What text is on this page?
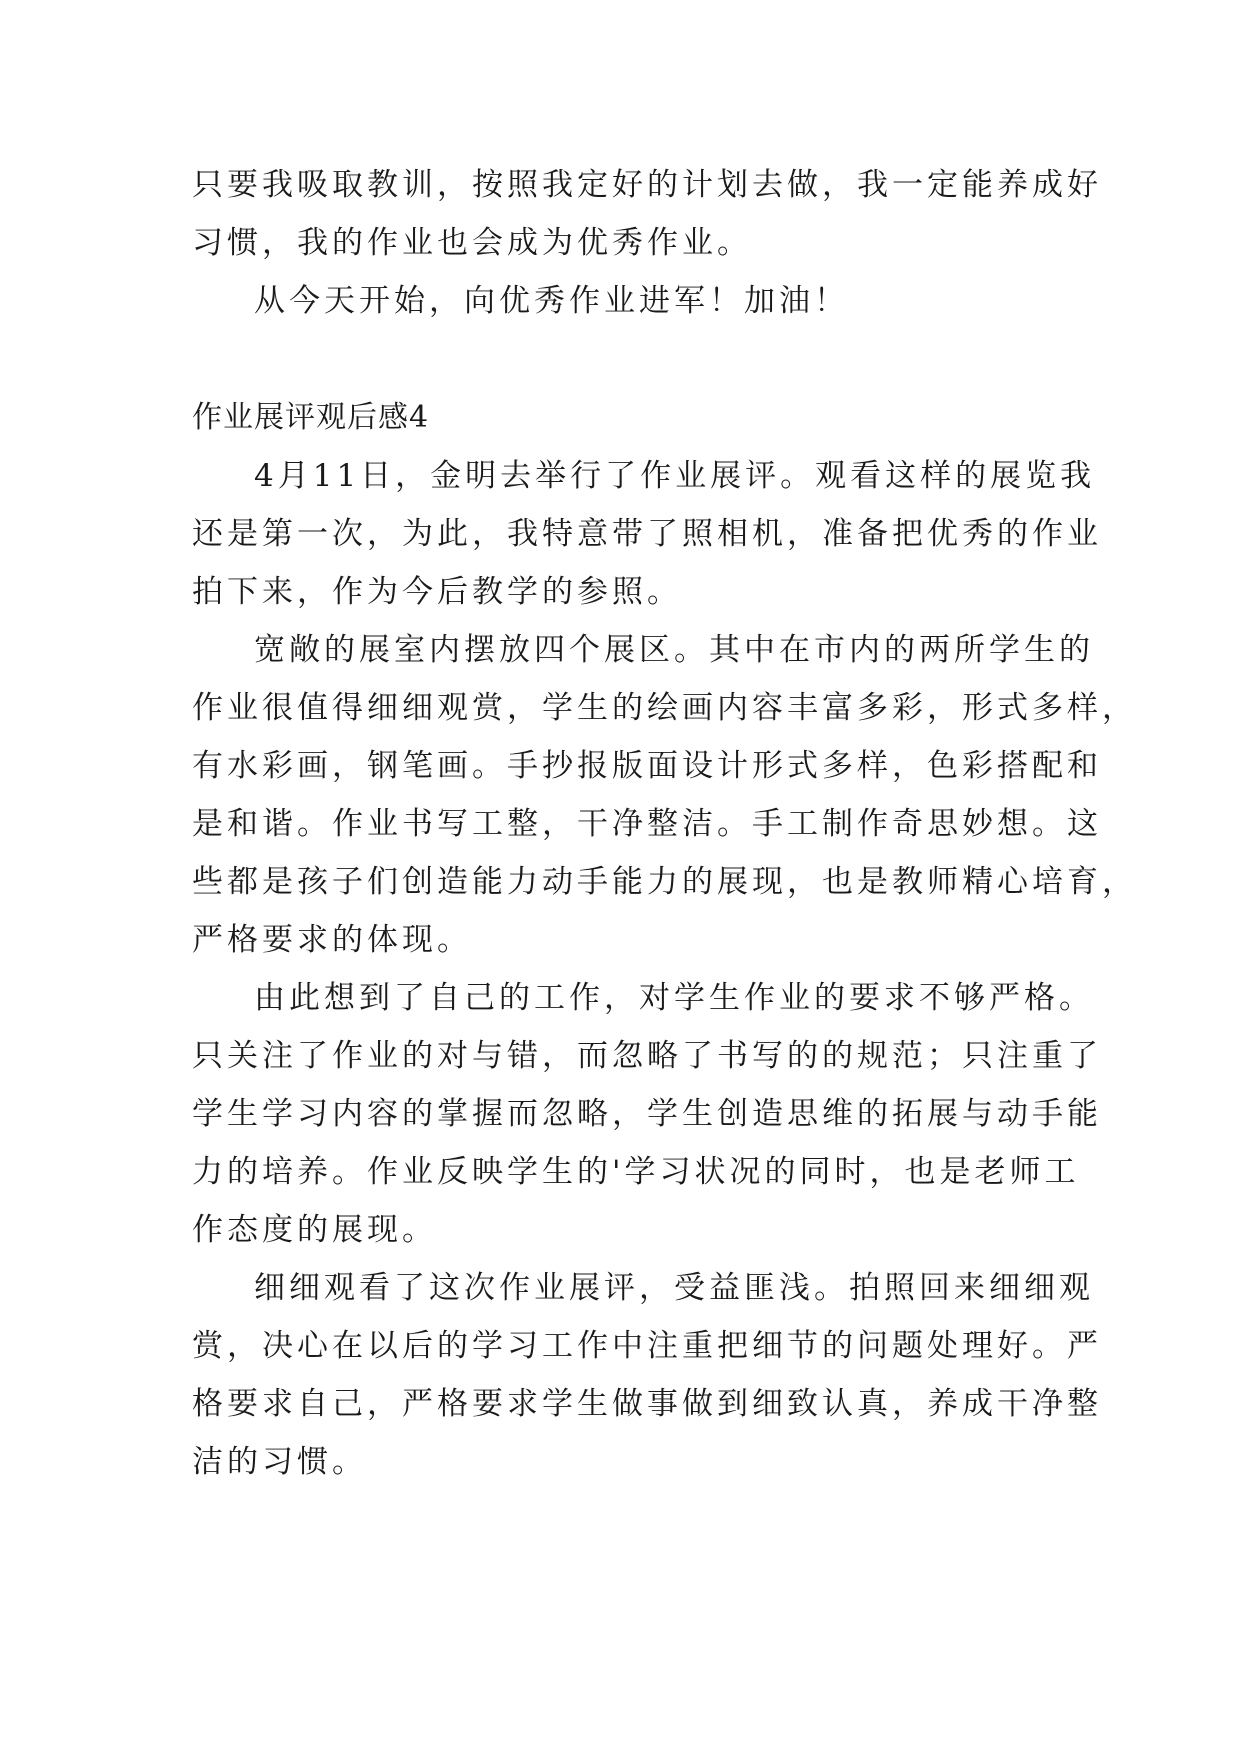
只要我吸取教训，按照我定好的计划去做，我一定能养成好
习惯，我的作业也会成为优秀作业。
从今天开始，向优秀作业进军！加油！
作业展评观后感4
4月11日，金明去举行了作业展评。观看这样的展览我
还是第一次，为此，我特意带了照相机，准备把优秀的作业
拍下来，作为今后教学的参照。
宽敞的展室内摆放四个展区。其中在市内的两所学生的
作业很值得细细观赏，学生的绘画内容丰富多彩，形式多样，
有水彩画，钢笔画。手抄报版面设计形式多样，色彩搭配和
是和谐。作业书写工整，干净整洁。手工制作奇思妙想。这
些都是孩子们创造能力动手能力的展现，也是教师精心培育，
严格要求的体现。
由此想到了自己的工作，对学生作业的要求不够严格。
只关注了作业的对与错，而忽略了书写的的规范；只注重了
学生学习内容的掌握而忽略，学生创造思维的拓展与动手能
力的培养。作业反映学生的'学习状况的同时，也是老师工
作态度的展现。
细细观看了这次作业展评，受益匪浅。拍照回来细细观
赏，决心在以后的学习工作中注重把细节的问题处理好。严
格要求自己，严格要求学生做事做到细致认真，养成干净整
洁的习惯。
